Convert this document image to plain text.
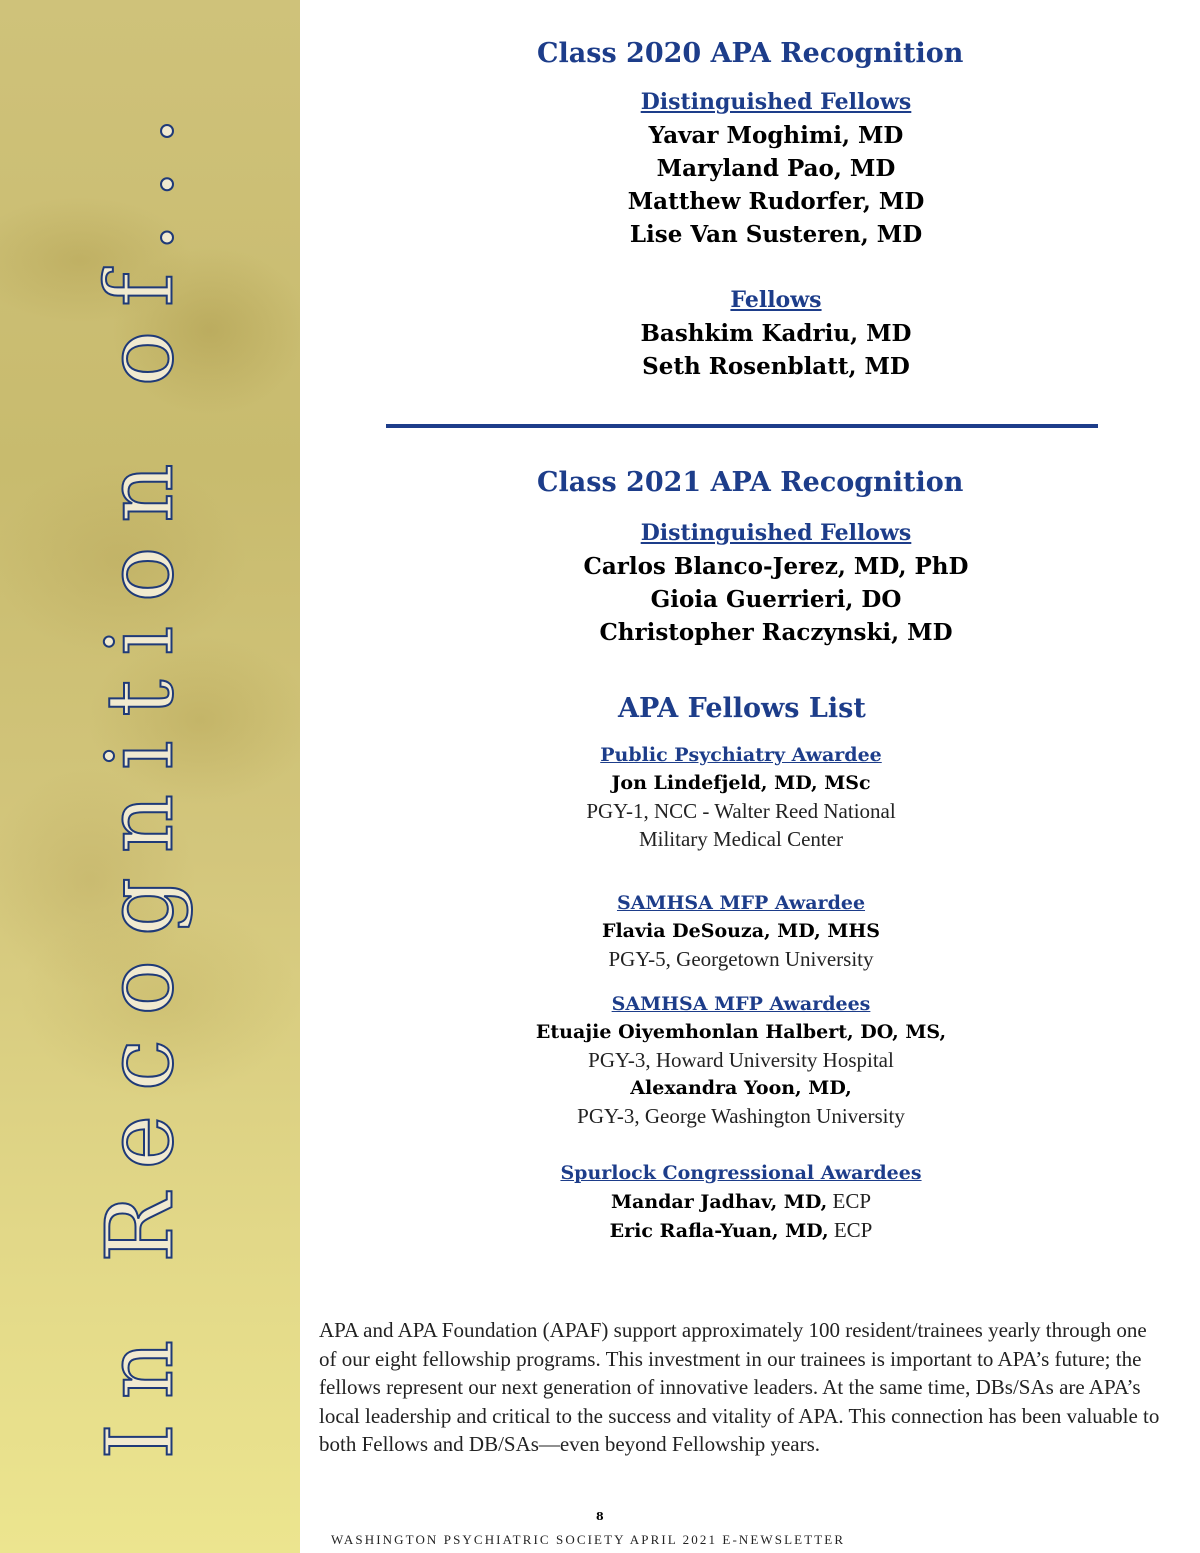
In Recognition of...
Class 2020 APA Recognition
Distinguished Fellows
Yavar Moghimi, MD
Maryland Pao, MD
Matthew Rudorfer, MD
Lise Van Susteren, MD
Fellows
Bashkim Kadriu, MD
Seth Rosenblatt, MD
Class 2021 APA Recognition
Distinguished Fellows
Carlos Blanco-Jerez, MD, PhD
Gioia Guerrieri, DO
Christopher Raczynski, MD
APA Fellows List
Public Psychiatry Awardee
Jon Lindefjeld, MD, MSc
PGY-1, NCC - Walter Reed National
Military Medical Center
SAMHSA MFP Awardee
Flavia DeSouza, MD, MHS
PGY-5, Georgetown University
SAMHSA MFP Awardees
Etuajie Oiyemhonlan Halbert, DO, MS,
PGY-3, Howard University Hospital
Alexandra Yoon, MD,
PGY-3, George Washington University
Spurlock Congressional Awardees
Mandar Jadhav, MD, ECP
Eric Rafla-Yuan, MD, ECP
APA and APA Foundation (APAF) support approximately 100 resident/trainees yearly through one of our eight fellowship programs. This investment in our trainees is important to APA’s future; the fellows represent our next generation of innovative leaders. At the same time, DBs/SAs are APA’s local leadership and critical to the success and vitality of APA. This connection has been valuable to both Fellows and DB/SAs—even beyond Fellowship years.
8
WASHINGTON PSYCHIATRIC SOCIETY APRIL 2021 E-NEWSLETTER
